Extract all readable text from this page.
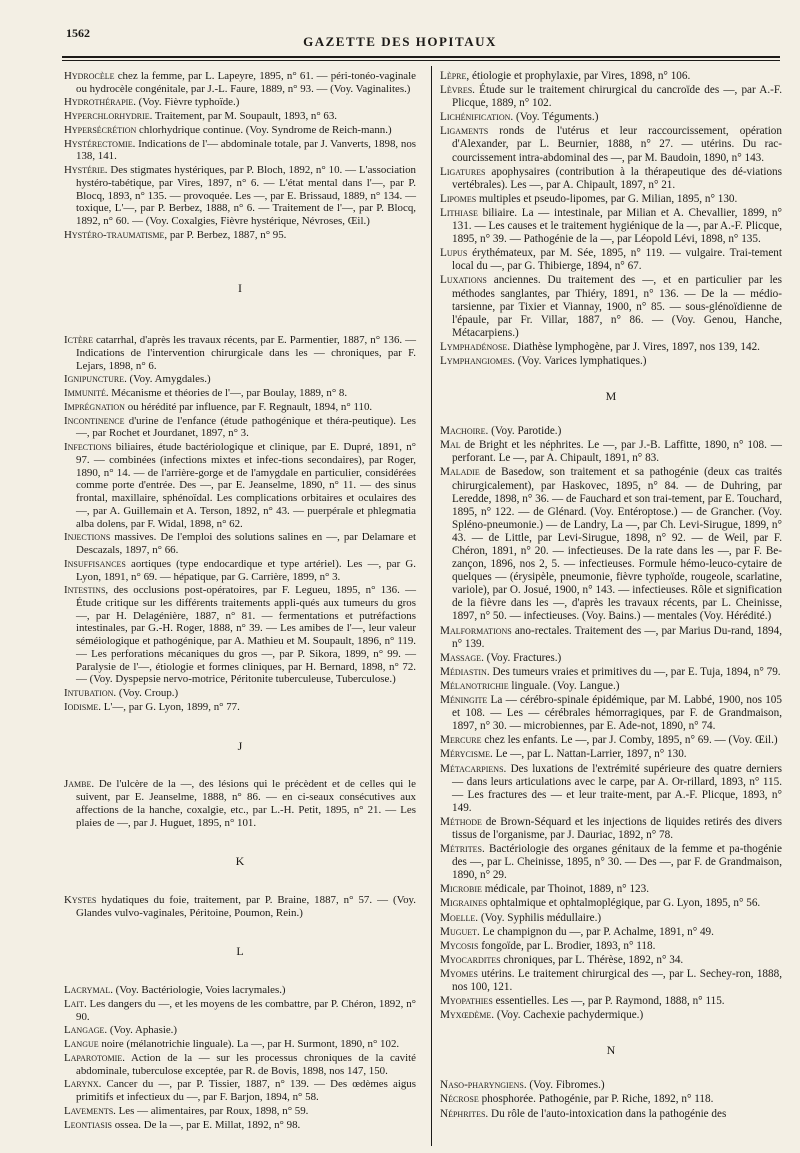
1562
GAZETTE DES HOPITAUX
Hydrocèle chez la femme, par L. Lapeyre, 1895, n° 61. — péri-tonéo-vaginale ou hydrocèle congénitale, par J.-L. Faure, 1889, n° 93. — (Voy. Vaginalites.)
Hydrothérapie. (Voy. Fièvre typhoïde.)
Hyperchlorhydrie. Traitement, par M. Soupault, 1893, n° 63.
Hypersécrétion chlorhydrique continue. (Voy. Syndrome de Reich-mann.)
Hystérectomie. Indications de l'— abdominale totale, par J. Vanverts, 1898, nos 138, 141.
Hystérie. Des stigmates hystériques, par P. Bloch, 1892, n° 10. — L'association hystéro-tabétique, par Vires, 1897, n° 6. — L'état mental dans l'—, par P. Blocq, 1893, n° 135. — provoquée. Les —, par E. Brissaud, 1889, n° 134. — toxique, L'—, par P. Berbez, 1888, n° 6. — Traitement de l'—, par P. Blocq, 1892, n° 60. — (Voy. Coxalgies, Fièvre hystérique, Névroses, Œil.)
Hystéro-traumatisme, par P. Berbez, 1887, n° 95.
I
Ictère catarrhal, d'après les travaux récents, par E. Parmentier, 1887, n° 136. — Indications de l'intervention chirurgicale dans les — chroniques, par F. Lejars, 1898, n° 6.
Ignipuncture. (Voy. Amygdales.)
Immunité. Mécanisme et théories de l'—, par Boulay, 1889, n° 8.
Imprégnation ou hérédité par influence, par F. Regnault, 1894, n° 110.
Incontinence d'urine de l'enfance (étude pathogénique et théra-peutique). Les —, par Rochet et Jourdanet, 1897, n° 3.
Infections biliaires, étude bactériologique et clinique, par E. Dupré, 1891, n° 97. — combinées (infections mixtes et infec-tions secondaires), par Roger, 1890, n° 14. — de l'arrière-gorge et de l'amygdale en particulier, considérées comme porte d'entrée. Des —, par E. Jeanselme, 1890, n° 11. — des sinus frontal, maxillaire, sphénoïdal. Les complications orbitaires et oculaires des —, par A. Guillemain et A. Terson, 1892, n° 43. — puerpérale et phlegmatia alba dolens, par F. Widal, 1898, n° 62.
Injections massives. De l'emploi des solutions salines en —, par Delamare et Descazals, 1897, n° 66.
Insuffisances aortiques (type endocardique et type artériel). Les —, par G. Lyon, 1891, n° 69. — hépatique, par G. Carrière, 1899, n° 3.
Intestins, des occlusions post-opératoires, par F. Legueu, 1895, n° 136. — Étude critique sur les différents traitements appli-qués aux tumeurs du gros —, par H. Delagénière, 1887, n° 81. — fermentations et putréfactions intestinales, par G.-H. Roger, 1888, n° 39. — Les amibes de l'—, leur valeur séméiologique et pathogénique, par A. Mathieu et M. Soupault, 1896, n° 119. — Les perforations mécaniques du gros —, par P. Sikora, 1899, n° 99. — Paralysie de l'—, étiologie et formes cliniques, par H. Bernard, 1898, n° 72. — (Voy. Dyspepsie nervo-motrice, Péritonite tuberculeuse, Tuberculose.)
Intubation. (Voy. Croup.)
Iodisme. L'—, par G. Lyon, 1899, n° 77.
J
Jambe. De l'ulcère de la —, des lésions qui le précèdent et de celles qui le suivent, par E. Jeanselme, 1888, n° 86. — en ci-seaux consécutives aux affections de la hanche, coxalgie, etc., par L.-H. Petit, 1895, n° 21. — Les plaies de —, par J. Huguet, 1895, n° 101.
K
Kystes hydatiques du foie, traitement, par P. Braine, 1887, n° 57. — (Voy. Glandes vulvo-vaginales, Péritoine, Poumon, Rein.)
L
Lacrymal. (Voy. Bactériologie, Voies lacrymales.)
Lait. Les dangers du —, et les moyens de les combattre, par P. Chéron, 1892, n° 90.
Langage. (Voy. Aphasie.)
Langue noire (mélanotrichie linguale). La —, par H. Surmont, 1890, n° 102.
Laparotomie. Action de la — sur les processus chroniques de la cavité abdominale, tuberculose exceptée, par R. de Bovis, 1898, nos 147, 150.
Larynx. Cancer du —, par P. Tissier, 1887, n° 139. — Des œdèmes aigus primitifs et infectieux du —, par F. Barjon, 1894, n° 58.
Lavements. Les — alimentaires, par Roux, 1898, n° 59.
Leontiasis ossea. De la —, par E. Millat, 1892, n° 98.
Lèpre, étiologie et prophylaxie, par Vires, 1898, n° 106.
Lèvres. Étude sur le traitement chirurgical du cancroïde des —, par A.-F. Plicque, 1889, n° 102.
Lichénification. (Voy. Téguments.)
Ligaments ronds de l'utérus et leur raccourcissement, opération d'Alexander, par L. Beurnier, 1888, n° 27. — utérins. Du rac-courcissement intra-abdominal des —, par M. Baudoin, 1890, n° 143.
Ligatures apophysaires (contribution à la thérapeutique des dé-viations vertébrales). Les —, par A. Chipault, 1897, n° 21.
Lipomes multiples et pseudo-lipomes, par G. Milian, 1895, n° 130.
Lithiase biliaire. La — intestinale, par Milian et A. Chevallier, 1899, n° 131. — Les causes et le traitement hygiénique de la —, par A.-F. Plicque, 1895, n° 39. — Pathogénie de la —, par Léopold Lévi, 1898, n° 135.
Lupus érythémateux, par M. Sée, 1895, n° 119. — vulgaire. Trai-tement local du —, par G. Thibierge, 1894, n° 67.
Luxations anciennes. Du traitement des —, et en particulier par les méthodes sanglantes, par Thiéry, 1891, n° 136. — De la — médio-tarsienne, par Tixier et Viannay, 1900, n° 85. — sous-glénoïdienne de l'épaule, par Fr. Villar, 1887, n° 86. — (Voy. Genou, Hanche, Métacarpiens.)
Lymphadénose. Diathèse lymphogène, par J. Vires, 1897, nos 139, 142.
Lymphangiomes. (Voy. Varices lymphatiques.)
M
Machoire. (Voy. Parotide.)
Mal de Bright et les néphrites. Le —, par J.-B. Laffitte, 1890, n° 108. — perforant. Le —, par A. Chipault, 1891, n° 83.
Maladie de Basedow, son traitement et sa pathogénie (deux cas traités chirurgicalement), par Haskovec, 1895, n° 84. — de Duhring, par Leredde, 1898, n° 36. — de Fauchard et son trai-tement, par E. Touchard, 1895, n° 122. — de Glénard. (Voy. Entéroptose.) — de Grancher. (Voy. Spléno-pneumonie.) — de Landry, La —, par Ch. Levi-Sirugue, 1899, n° 43. — de Little, par Levi-Sirugue, 1898, n° 92. — de Weil, par F. Chéron, 1891, n° 20. — infectieuses. De la rate dans les —, par F. Be-zançon, 1896, nos 2, 5. — infectieuses. Formule hémo-leuco-cytaire de quelques — (érysipèle, pneumonie, fièvre typhoïde, rougeole, scarlatine, variole), par O. Josué, 1900, n° 143. — infectieuses. Rôle et signification de la fièvre dans les —, d'après les travaux récents, par L. Cheinisse, 1897, n° 50. — infectieuses. (Voy. Bains.) — mentales (Voy. Hérédité.)
Malformations ano-rectales. Traitement des —, par Marius Du-rand, 1894, n° 139.
Massage. (Voy. Fractures.)
Médiastin. Des tumeurs vraies et primitives du —, par E. Tuja, 1894, n° 79.
Mélanotrichie linguale. (Voy. Langue.)
Méningite La — cérébro-spinale épidémique, par M. Labbé, 1900, nos 105 et 108. — Les — cérébrales hémorragiques, par F. de Grandmaison, 1897, n° 30. — microbiennes, par E. Ade-not, 1890, n° 74.
Mercure chez les enfants. Le —, par J. Comby, 1895, n° 69. — (Voy. Œil.)
Mérycisme. Le —, par L. Nattan-Larrier, 1897, n° 130.
Métacarpiens. Des luxations de l'extrémité supérieure des quatre derniers — dans leurs articulations avec le carpe, par A. Or-rillard, 1893, n° 115. — Les fractures des — et leur traite-ment, par A.-F. Plicque, 1893, n° 149.
Méthode de Brown-Séquard et les injections de liquides retirés des divers tissus de l'organisme, par J. Dauriac, 1892, n° 78.
Métrites. Bactériologie des organes génitaux de la femme et pa-thogénie des —, par L. Cheinisse, 1895, n° 30. — Des —, par F. de Grandmaison, 1890, n° 29.
Microbie médicale, par Thoinot, 1889, n° 123.
Migraines ophtalmique et ophtalmoplégique, par G. Lyon, 1895, n° 56.
Moelle. (Voy. Syphilis médullaire.)
Muguet. Le champignon du —, par P. Achalme, 1891, n° 49.
Mycosis fongoïde, par L. Brodier, 1893, n° 118.
Myocardites chroniques, par L. Thérèse, 1892, n° 34.
Myomes utérins. Le traitement chirurgical des —, par L. Sechey-ron, 1888, nos 100, 121.
Myopathies essentielles. Les —, par P. Raymond, 1888, n° 115.
Myxœdème. (Voy. Cachexie pachydermique.)
N
Naso-pharyngiens. (Voy. Fibromes.)
Nécrose phosphorée. Pathogénie, par P. Riche, 1892, n° 118.
Néphrites. Du rôle de l'auto-intoxication dans la pathogénie des
